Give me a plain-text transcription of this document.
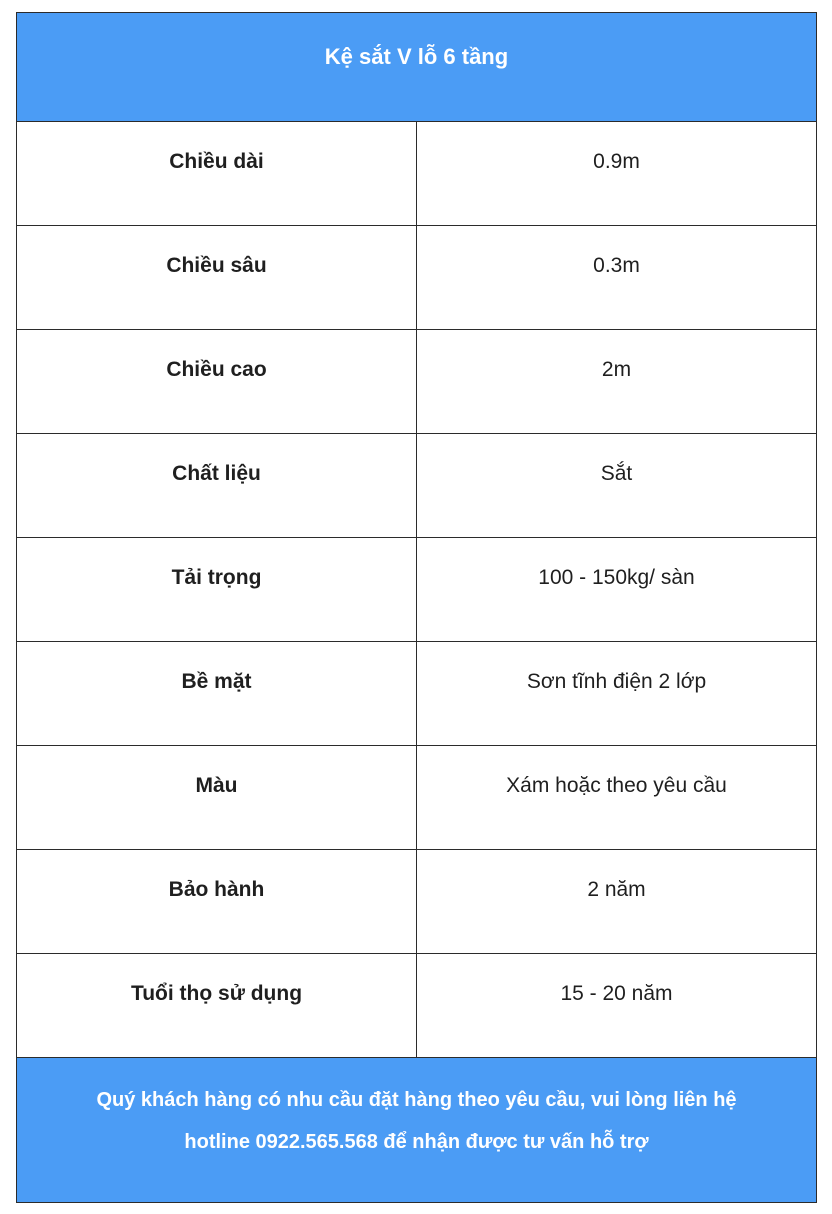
Kệ sắt V lỗ 6 tầng	

Chiều dài	0.9m

Chiều sâu	0.3m

Chiều cao	2m

Chất liệu	Sắt

Tải trọng	100 - 150kg/ sàn

Bề mặt	Sơn tĩnh điện 2 lớp

Màu	Xám hoặc theo yêu cầu

Bảo hành	2 năm

Tuổi thọ sử dụng	15 - 20 năm

Quý khách hàng có nhu cầu đặt hàng theo yêu cầu, vui lòng liên hệ
hotline 0922.565.568 để nhận được tư vấn hỗ trợ	
